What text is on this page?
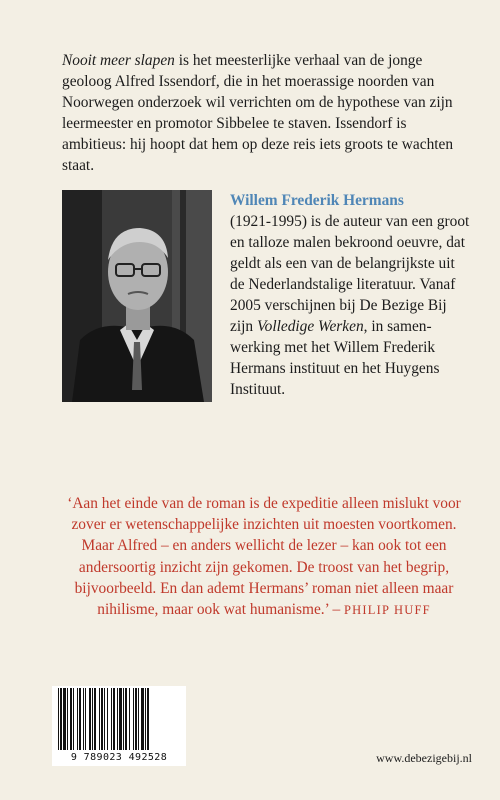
Nooit meer slapen is het meesterlijke verhaal van de jonge geoloog Alfred Issendorf, die in het moerassige noorden van Noorwegen onderzoek wil verrichten om de hypothese van zijn leermeester en promotor Sibbelee te staven. Issendorf is ambitieus: hij hoopt dat hem op deze reis iets groots te wachten staat.

Willem Frederik Hermans
(1921-1995) is de auteur van een groot en talloze malen bekroond oeuvre, dat geldt als een van de belangrijkste uit de Nederlandstalige literatuur. Vanaf 2005 verschijnen bij De Bezige Bij zijn Volledige Werken, in samenwerking met het Willem Frederik Hermans instituut en het Huygens Instituut.

‘Aan het einde van de roman is de expeditie alleen mislukt voor zover er wetenschappelijke inzichten uit moesten voortkomen. Maar Alfred – en anders wellicht de lezer – kan ook tot een andersoortig inzicht zijn gekomen. De troost van het begrip, bijvoorbeeld. En dan ademt Hermans’ roman niet alleen maar nihilisme, maar ook wat humanisme.’ – PHILIP HUFF

9 789023 492528	www.debezigebij.nl
